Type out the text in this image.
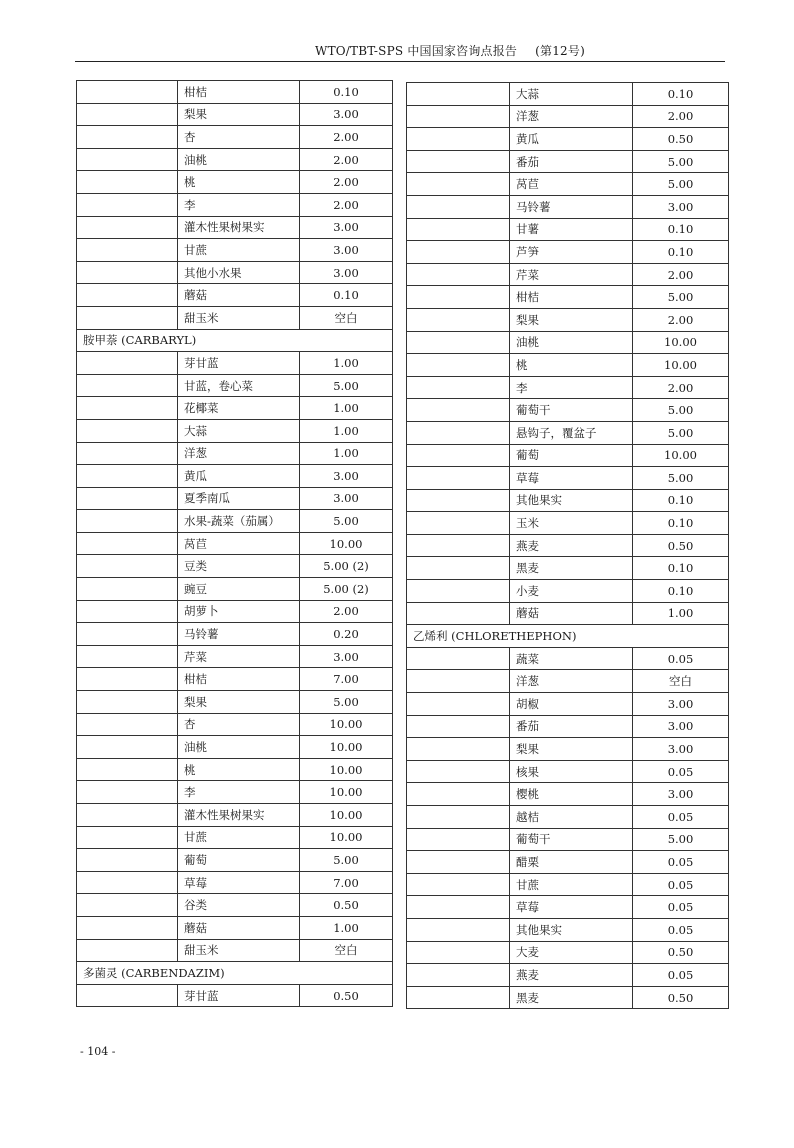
WTO/TBT-SPS 中国国家咨询点报告 (第12号)
	柑桔	0.10
	梨果	3.00
	杏	2.00
	油桃	2.00
	桃	2.00
	李	2.00
	灌木性果树果实	3.00
	甘蔗	3.00
	其他小水果	3.00
	蘑菇	0.10
	甜玉米	空白
胺甲萘 (CARBARYL)		
	芽甘蓝	1.00
	甘蓝，卷心菜	5.00
	花椰菜	1.00
	大蒜	1.00
	洋葱	1.00
	黄瓜	3.00
	夏季南瓜	3.00
	水果-蔬菜（茄属）	5.00
	莴苣	10.00
	豆类	5.00 (2)
	豌豆	5.00 (2)
	胡萝卜	2.00
	马铃薯	0.20
	芹菜	3.00
	柑桔	7.00
	梨果	5.00
	杏	10.00
	油桃	10.00
	桃	10.00
	李	10.00
	灌木性果树果实	10.00
	甘蔗	10.00
	葡萄	5.00
	草莓	7.00
	谷类	0.50
	蘑菇	1.00
	甜玉米	空白
多菌灵 (CARBENDAZIM)		
	芽甘蓝	0.50
	大蒜	0.10
	洋葱	2.00
	黄瓜	0.50
	番茄	5.00
	莴苣	5.00
	马铃薯	3.00
	甘薯	0.10
	芦笋	0.10
	芹菜	2.00
	柑桔	5.00
	梨果	2.00
	油桃	10.00
	桃	10.00
	李	2.00
	葡萄干	5.00
	悬钩子，覆盆子	5.00
	葡萄	10.00
	草莓	5.00
	其他果实	0.10
	玉米	0.10
	燕麦	0.50
	黑麦	0.10
	小麦	0.10
	蘑菇	1.00
乙烯利 (CHLORETHEPHON)		
	蔬菜	0.05
	洋葱	空白
	胡椒	3.00
	番茄	3.00
	梨果	3.00
	核果	0.05
	樱桃	3.00
	越桔	0.05
	葡萄干	5.00
	醋栗	0.05
	甘蔗	0.05
	草莓	0.05
	其他果实	0.05
	大麦	0.50
	燕麦	0.05
	黑麦	0.50
- 104 -
